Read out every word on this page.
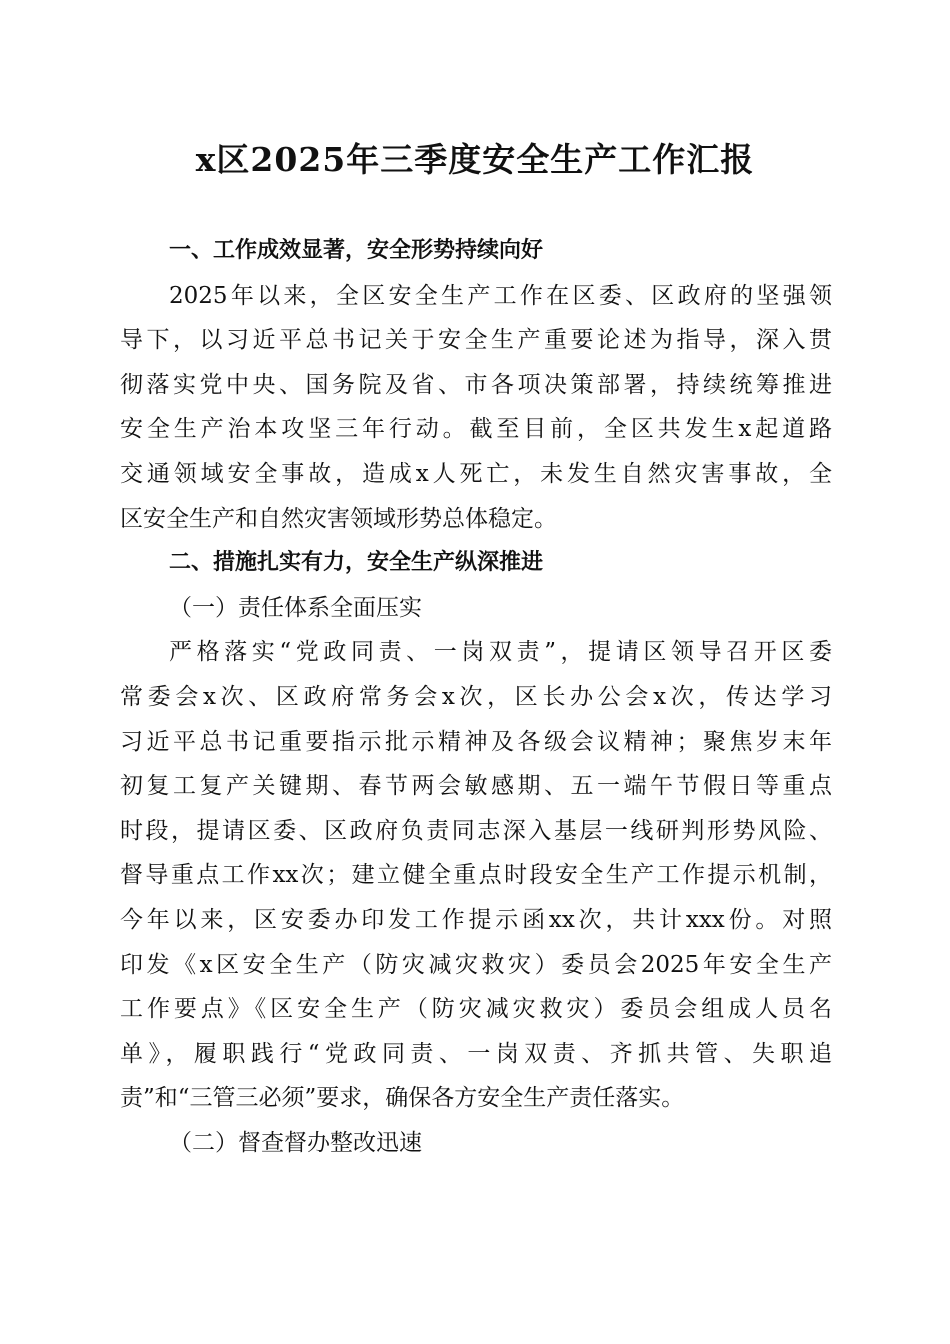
x区2025年三季度安全生产工作汇报
一、工作成效显著，安全形势持续向好
2025年以来，全区安全生产工作在区委、区政府的坚强领
导下，以习近平总书记关于安全生产重要论述为指导，深入贯
彻落实党中央、国务院及省、市各项决策部署，持续统筹推进
安全生产治本攻坚三年行动。截至目前，全区共发生x起道路
交通领域安全事故，造成x人死亡，未发生自然灾害事故，全
区安全生产和自然灾害领域形势总体稳定。
二、措施扎实有力，安全生产纵深推进
（一）责任体系全面压实
严格落实“党政同责、一岗双责”，提请区领导召开区委
常委会x次、区政府常务会x次，区长办公会x次，传达学习
习近平总书记重要指示批示精神及各级会议精神；聚焦岁末年
初复工复产关键期、春节两会敏感期、五一端午节假日等重点
时段，提请区委、区政府负责同志深入基层一线研判形势风险、
督导重点工作xx次；建立健全重点时段安全生产工作提示机制，
今年以来，区安委办印发工作提示函xx次，共计xxx份。对照
印发《x区安全生产（防灾减灾救灾）委员会2025年安全生产
工作要点》《区安全生产（防灾减灾救灾）委员会组成人员名
单》，履职践行“党政同责、一岗双责、齐抓共管、失职追
责”和“三管三必须”要求，确保各方安全生产责任落实。
（二）督查督办整改迅速
